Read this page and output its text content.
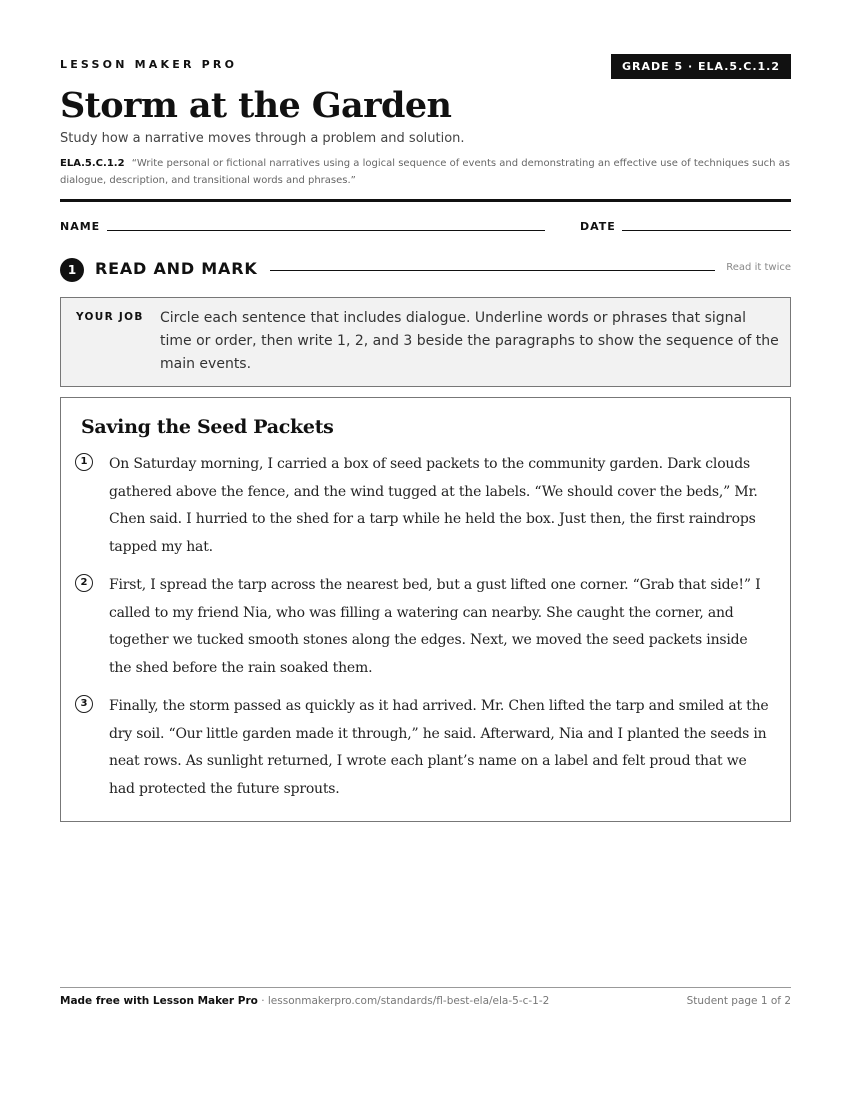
LESSON MAKER PRO	GRADE 5 · ELA.5.C.1.2
Storm at the Garden
Study how a narrative moves through a problem and solution.
ELA.5.C.1.2 “Write personal or fictional narratives using a logical sequence of events and demonstrating an effective use of techniques such as dialogue, description, and transitional words and phrases.”
NAME	DATE
1	READ AND MARK	Read it twice
YOUR JOB Circle each sentence that includes dialogue. Underline words or phrases that signal time or order, then write 1, 2, and 3 beside the paragraphs to show the sequence of the main events.
Saving the Seed Packets
1	On Saturday morning, I carried a box of seed packets to the community garden. Dark clouds gathered above the fence, and the wind tugged at the labels. “We should cover the beds,” Mr. Chen said. I hurried to the shed for a tarp while he held the box. Just then, the first raindrops tapped my hat.
2	First, I spread the tarp across the nearest bed, but a gust lifted one corner. “Grab that side!” I called to my friend Nia, who was filling a watering can nearby. She caught the corner, and together we tucked smooth stones along the edges. Next, we moved the seed packets inside the shed before the rain soaked them.
3	Finally, the storm passed as quickly as it had arrived. Mr. Chen lifted the tarp and smiled at the dry soil. “Our little garden made it through,” he said. Afterward, Nia and I planted the seeds in neat rows. As sunlight returned, I wrote each plant’s name on a label and felt proud that we had protected the future sprouts.
Made free with Lesson Maker Pro · lessonmakerpro.com/standards/fl-best-ela/ela-5-c-1-2	Student page 1 of 2
